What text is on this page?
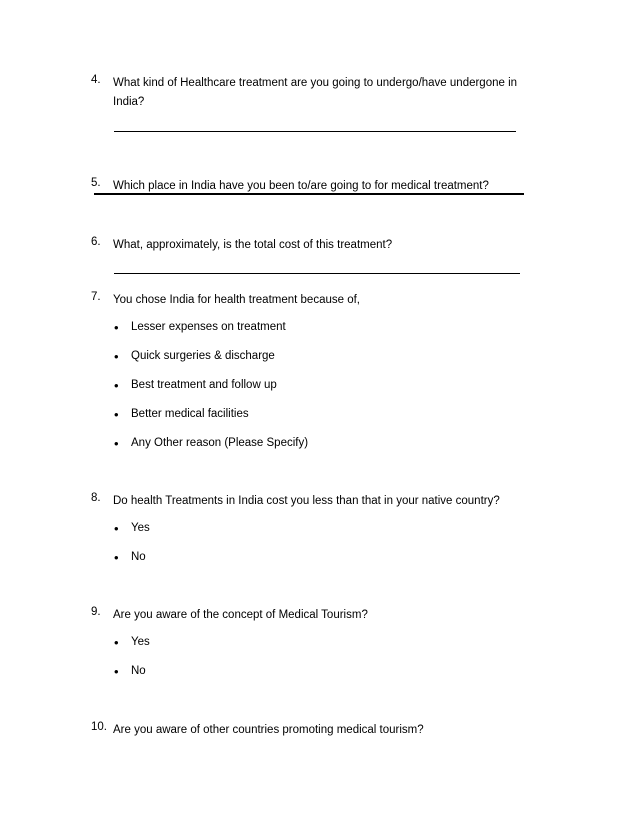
4.	What kind of Healthcare treatment are you going to undergo/have undergone in India?
5.	Which place in India have you been to/are going to for medical treatment?
6.	What, approximately, is the total cost of this treatment?
7.	You chose India for health treatment because of,
• Lesser expenses on treatment
• Quick surgeries & discharge
• Best treatment and follow up
• Better medical facilities
• Any Other reason (Please Specify)
8.	Do health Treatments in India cost you less than that in your native country?
• Yes
• No
9.	Are you aware of the concept of Medical Tourism?
• Yes
• No
10. Are you aware of other countries promoting medical tourism?
